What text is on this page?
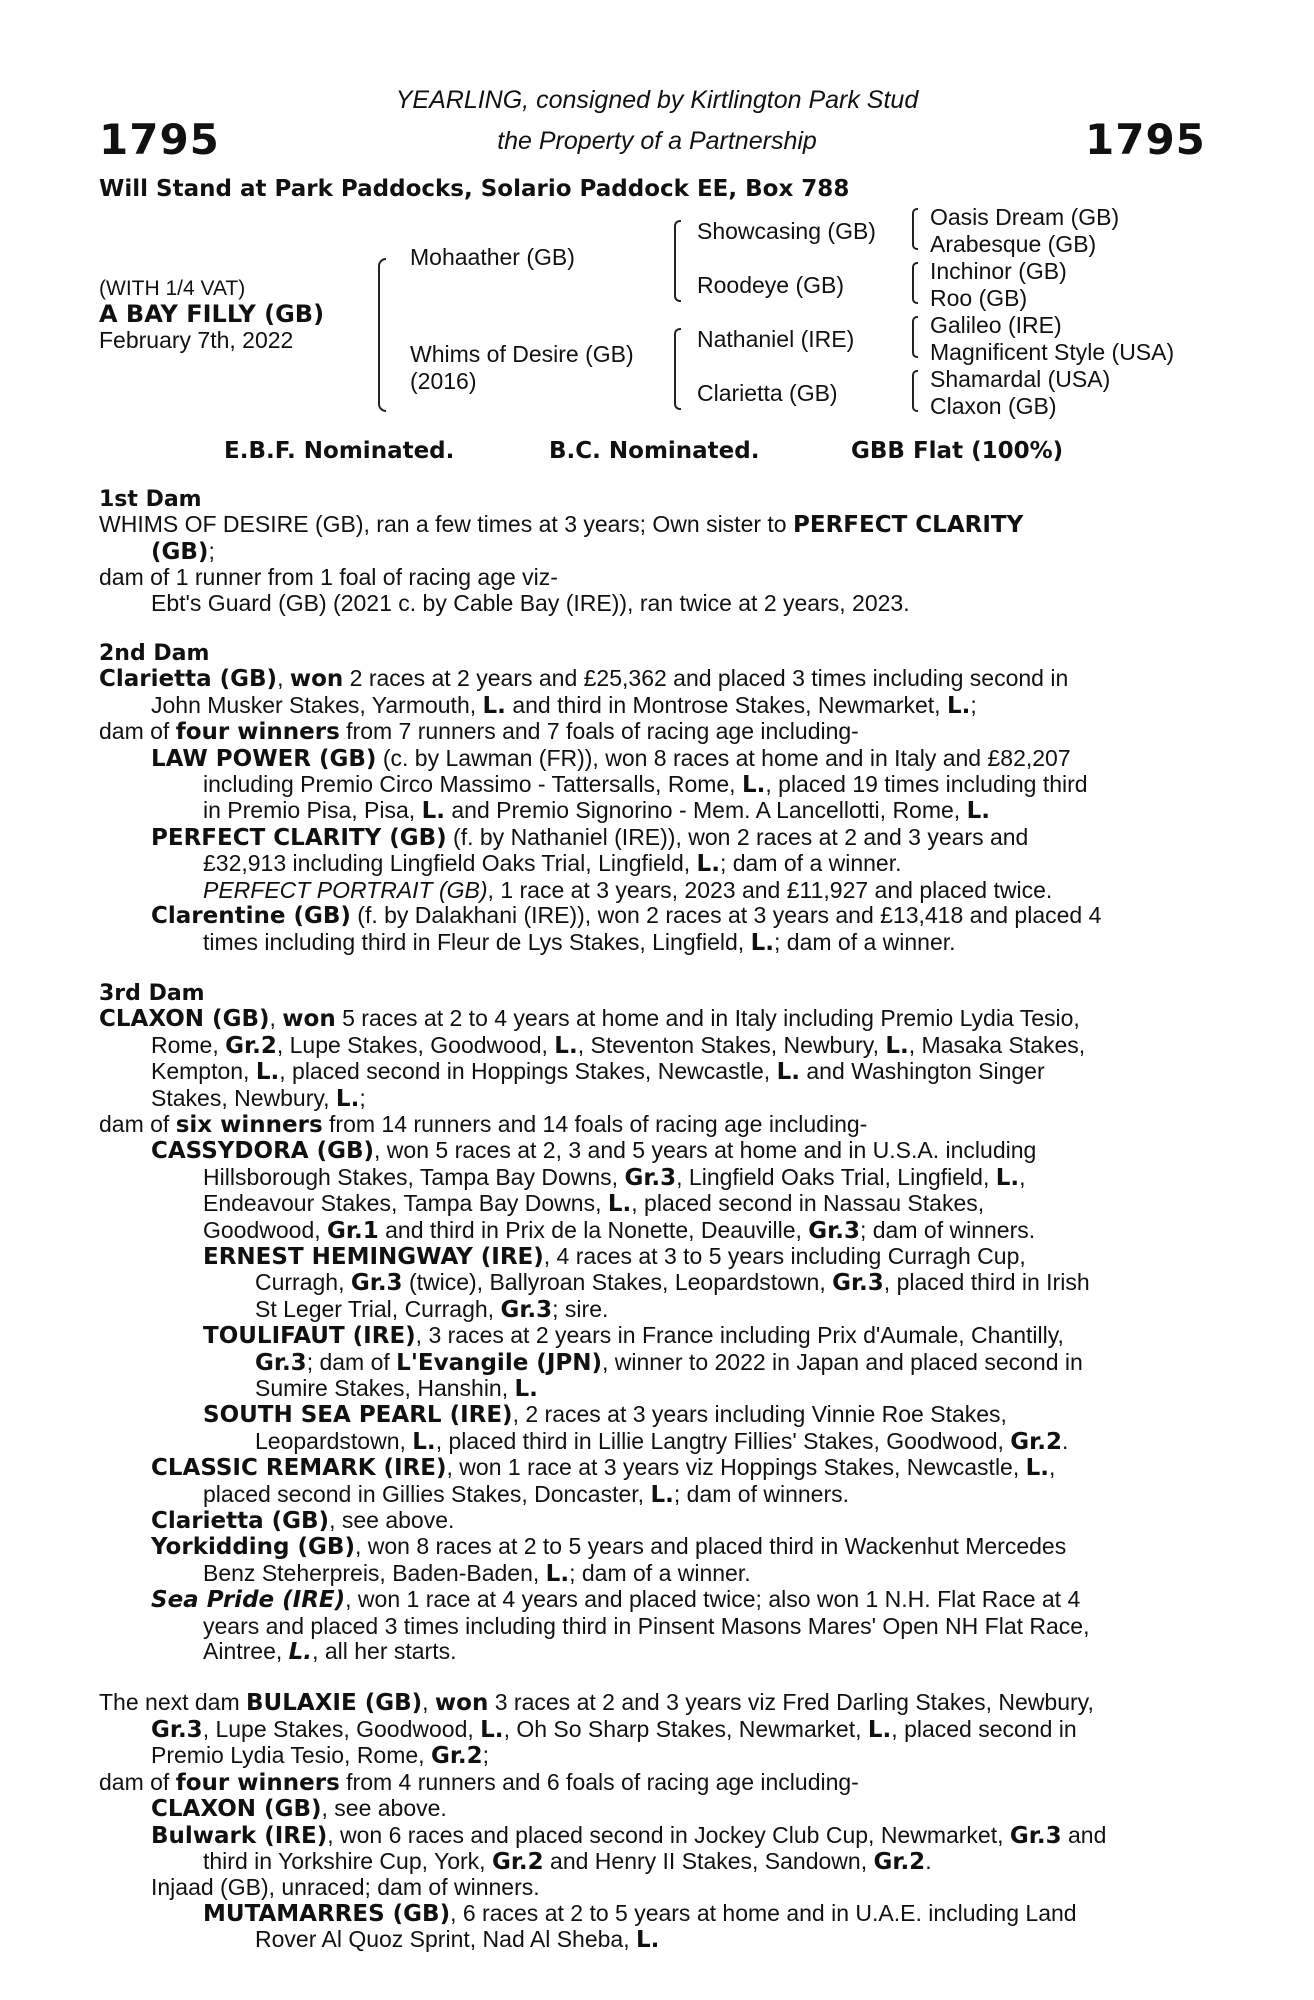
1795	1795
YEARLING, consigned by Kirtlington Park Stud
the Property of a Partnership
Will Stand at Park Paddocks, Solario Paddock EE, Box 788
(WITH 1/4 VAT)
A BAY FILLY (GB)
February 7th, 2022
Mohaather (GB)
Whims of Desire (GB)
(2016)
Showcasing (GB)
Roodeye (GB)
Nathaniel (IRE)
Clarietta (GB)
Oasis Dream (GB)
Arabesque (GB)
Inchinor (GB)
Roo (GB)
Galileo (IRE)
Magnificent Style (USA)
Shamardal (USA)
Claxon (GB)
E.B.F. Nominated.	B.C. Nominated.	GBB Flat (100%)

1st Dam

WHIMS OF DESIRE (GB), ran a few times at 3 years; Own sister to PERFECT CLARITY

(GB);

dam of 1 runner from 1 foal of racing age viz-

Ebt's Guard (GB) (2021 c. by Cable Bay (IRE)), ran twice at 2 years, 2023.

2nd Dam

Clarietta (GB), won 2 races at 2 years and £25,362 and placed 3 times including second in

John Musker Stakes, Yarmouth, L. and third in Montrose Stakes, Newmarket, L.;

dam of four winners from 7 runners and 7 foals of racing age including-

LAW POWER (GB) (c. by Lawman (FR)), won 8 races at home and in Italy and £82,207

including Premio Circo Massimo - Tattersalls, Rome, L., placed 19 times including third

in Premio Pisa, Pisa, L. and Premio Signorino - Mem. A Lancellotti, Rome, L.

PERFECT CLARITY (GB) (f. by Nathaniel (IRE)), won 2 races at 2 and 3 years and

£32,913 including Lingfield Oaks Trial, Lingfield, L.; dam of a winner.

PERFECT PORTRAIT (GB), 1 race at 3 years, 2023 and £11,927 and placed twice.

Clarentine (GB) (f. by Dalakhani (IRE)), won 2 races at 3 years and £13,418 and placed 4

times including third in Fleur de Lys Stakes, Lingfield, L.; dam of a winner.

3rd Dam

CLAXON (GB), won 5 races at 2 to 4 years at home and in Italy including Premio Lydia Tesio,

Rome, Gr.2, Lupe Stakes, Goodwood, L., Steventon Stakes, Newbury, L., Masaka Stakes,

Kempton, L., placed second in Hoppings Stakes, Newcastle, L. and Washington Singer

Stakes, Newbury, L.;

dam of six winners from 14 runners and 14 foals of racing age including-

CASSYDORA (GB), won 5 races at 2, 3 and 5 years at home and in U.S.A. including

Hillsborough Stakes, Tampa Bay Downs, Gr.3, Lingfield Oaks Trial, Lingfield, L.,

Endeavour Stakes, Tampa Bay Downs, L., placed second in Nassau Stakes,

Goodwood, Gr.1 and third in Prix de la Nonette, Deauville, Gr.3; dam of winners.

ERNEST HEMINGWAY (IRE), 4 races at 3 to 5 years including Curragh Cup,

Curragh, Gr.3 (twice), Ballyroan Stakes, Leopardstown, Gr.3, placed third in Irish

St Leger Trial, Curragh, Gr.3; sire.

TOULIFAUT (IRE), 3 races at 2 years in France including Prix d'Aumale, Chantilly,

Gr.3; dam of L'Evangile (JPN), winner to 2022 in Japan and placed second in

Sumire Stakes, Hanshin, L.

SOUTH SEA PEARL (IRE), 2 races at 3 years including Vinnie Roe Stakes,

Leopardstown, L., placed third in Lillie Langtry Fillies' Stakes, Goodwood, Gr.2.

CLASSIC REMARK (IRE), won 1 race at 3 years viz Hoppings Stakes, Newcastle, L.,

placed second in Gillies Stakes, Doncaster, L.; dam of winners.

Clarietta (GB), see above.

Yorkidding (GB), won 8 races at 2 to 5 years and placed third in Wackenhut Mercedes

Benz Steherpreis, Baden-Baden, L.; dam of a winner.

Sea Pride (IRE), won 1 race at 4 years and placed twice; also won 1 N.H. Flat Race at 4

years and placed 3 times including third in Pinsent Masons Mares' Open NH Flat Race,

Aintree, L., all her starts.

The next dam BULAXIE (GB), won 3 races at 2 and 3 years viz Fred Darling Stakes, Newbury,

Gr.3, Lupe Stakes, Goodwood, L., Oh So Sharp Stakes, Newmarket, L., placed second in

Premio Lydia Tesio, Rome, Gr.2;

dam of four winners from 4 runners and 6 foals of racing age including-

CLAXON (GB), see above.

Bulwark (IRE), won 6 races and placed second in Jockey Club Cup, Newmarket, Gr.3 and

third in Yorkshire Cup, York, Gr.2 and Henry II Stakes, Sandown, Gr.2.

Injaad (GB), unraced; dam of winners.

MUTAMARRES (GB), 6 races at 2 to 5 years at home and in U.A.E. including Land

Rover Al Quoz Sprint, Nad Al Sheba, L.
